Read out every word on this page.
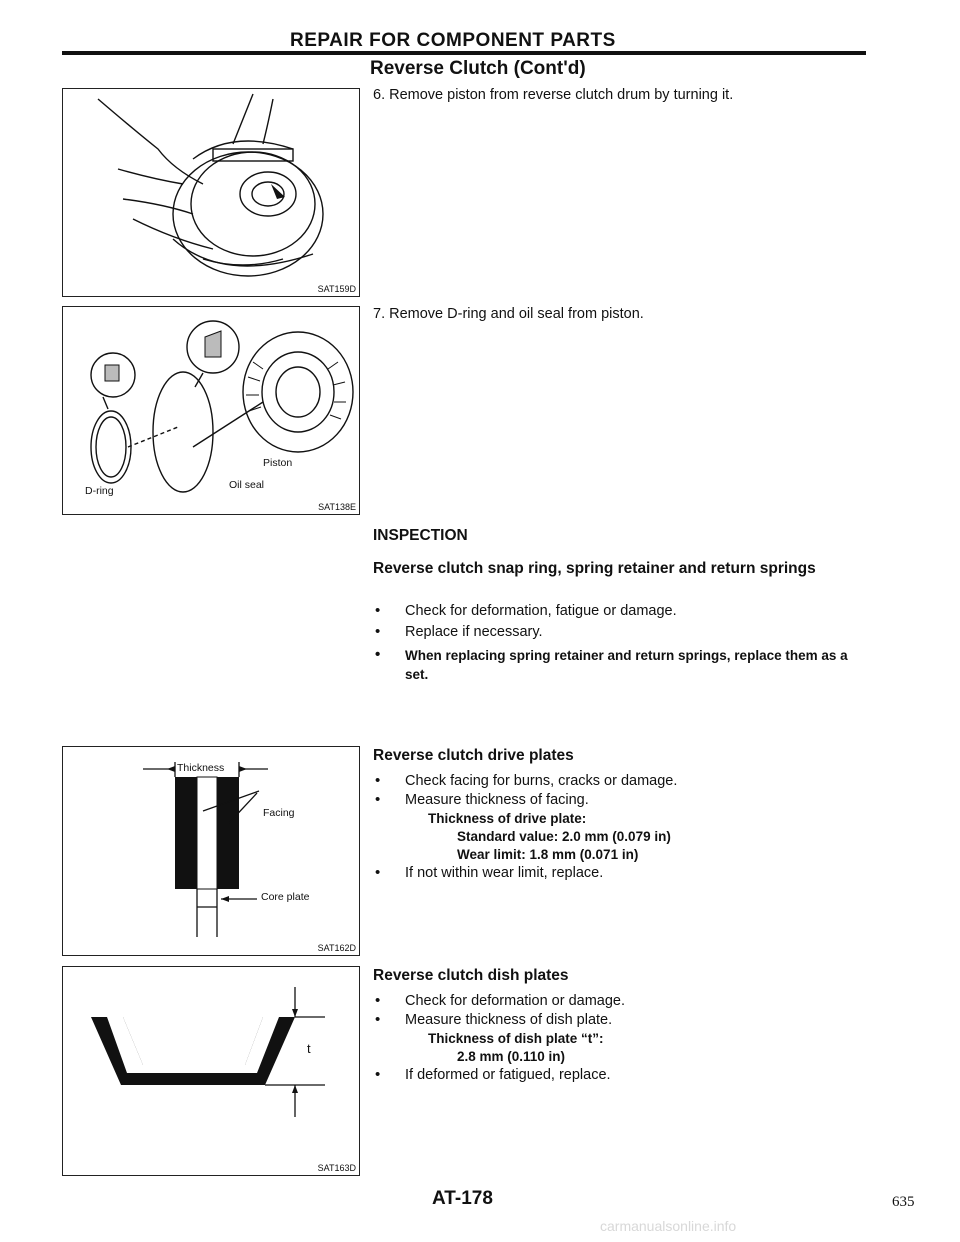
REPAIR FOR COMPONENT PARTS
Reverse Clutch (Cont'd)
SAT159D
6. Remove piston from reverse clutch drum by turning it.
D-ring	Oil seal
Piston
SAT138E
7. Remove D-ring and oil seal from piston.
INSPECTION
Reverse clutch snap ring, spring retainer and return springs
• Check for deformation, fatigue or damage.
• Replace if necessary.
• When replacing spring retainer and return springs, replace them as a set.
Thickness
Facing
Core plate
SAT162D
Reverse clutch drive plates
• Check facing for burns, cracks or damage.
• Measure thickness of facing.
Thickness of drive plate:
Standard value: 2.0 mm (0.079 in)
Wear limit: 1.8 mm (0.071 in)
• If not within wear limit, replace.
t
SAT163D
Reverse clutch dish plates
• Check for deformation or damage.
• Measure thickness of dish plate.
Thickness of dish plate “t”:
2.8 mm (0.110 in)
• If deformed or fatigued, replace.
AT-178	635
carmanualsonline.info
